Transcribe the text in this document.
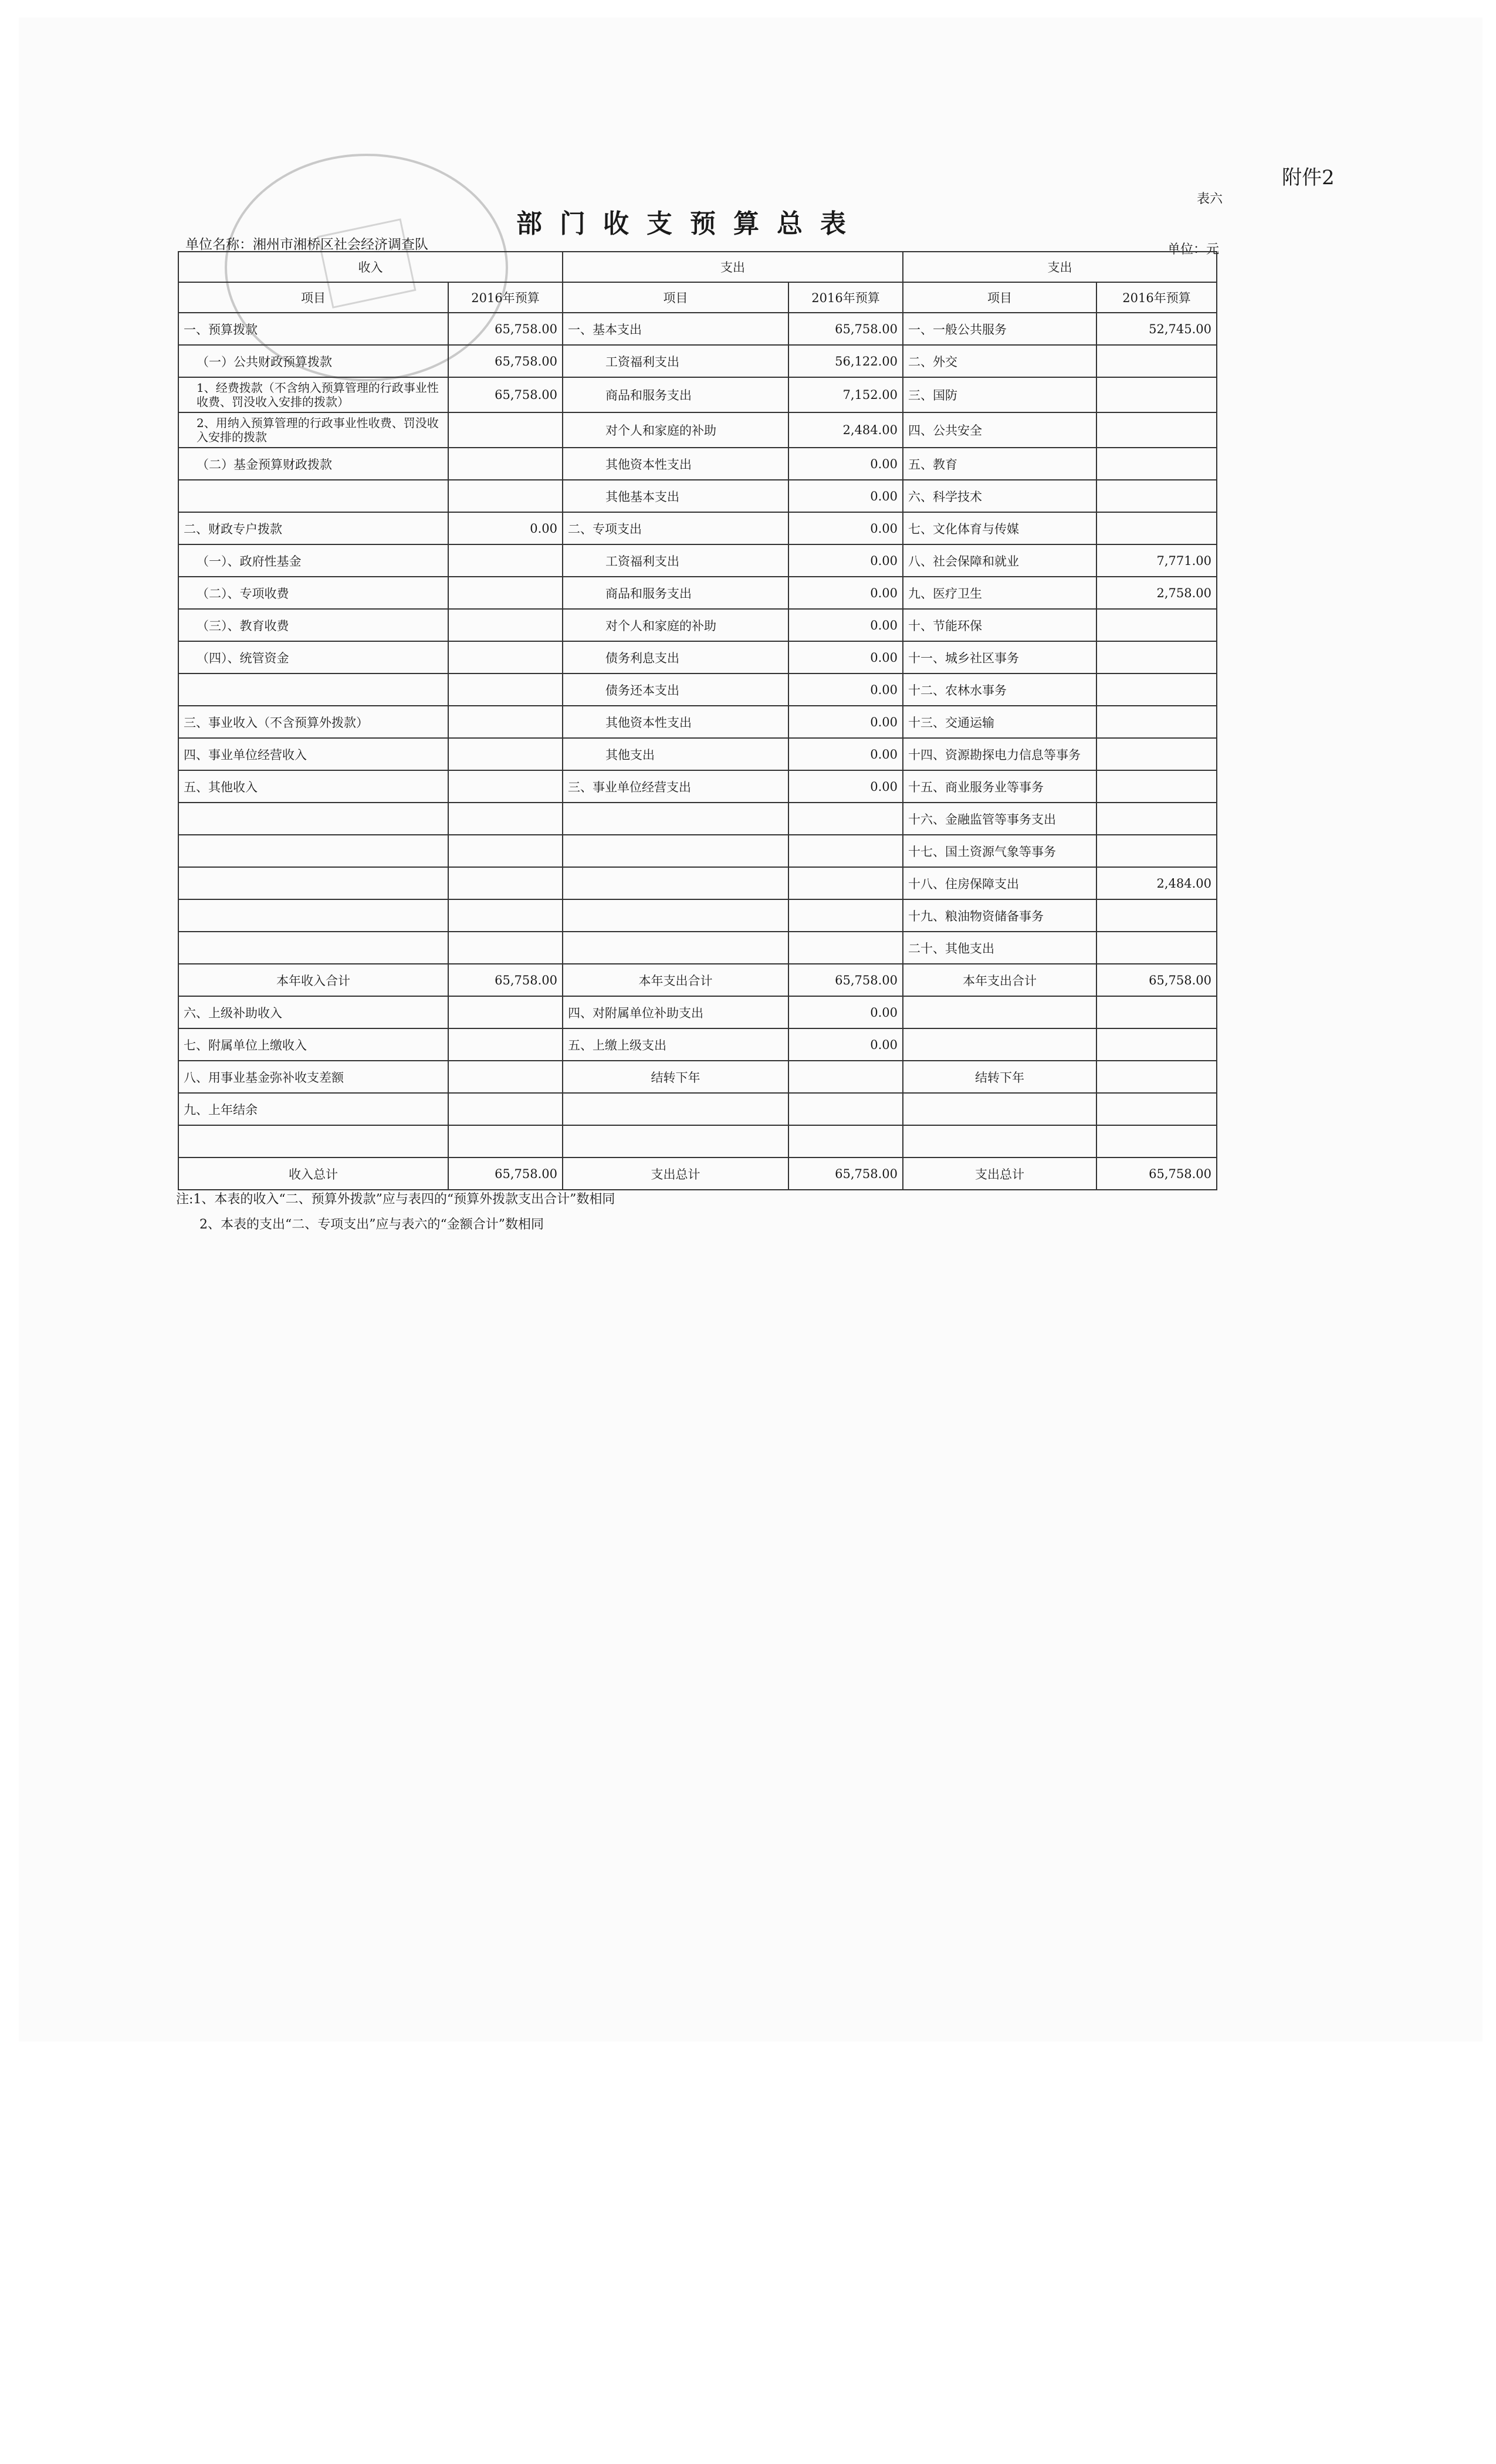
附件2
表六
部门收支预算总表
单位名称：湘州市湘桥区社会经济调查队	单位：元
收入		支出		支出	
项目	2016年预算	项目	2016年预算	项目	2016年预算
一、预算拨款	65,758.00	一、基本支出	65,758.00	一、一般公共服务	52,745.00
（一）公共财政预算拨款	65,758.00	工资福利支出	56,122.00	二、外交	
1、经费拨款（不含纳入预算管理的行政事业性收费、罚没收入安排的拨款）	65,758.00	商品和服务支出	7,152.00	三、国防	
2、用纳入预算管理的行政事业性收费、罚没收入安排的拨款		对个人和家庭的补助	2,484.00	四、公共安全	
（二）基金预算财政拨款		其他资本性支出	0.00	五、教育	
		其他基本支出	0.00	六、科学技术	
二、财政专户拨款	0.00	二、专项支出	0.00	七、文化体育与传媒	
（一）、政府性基金		工资福利支出	0.00	八、社会保障和就业	7,771.00
（二）、专项收费		商品和服务支出	0.00	九、医疗卫生	2,758.00
（三）、教育收费		对个人和家庭的补助	0.00	十、节能环保	
（四）、统管资金		债务利息支出	0.00	十一、城乡社区事务	
		债务还本支出	0.00	十二、农林水事务	
三、事业收入（不含预算外拨款）		其他资本性支出	0.00	十三、交通运输	
四、事业单位经营收入		其他支出	0.00	十四、资源勘探电力信息等事务	
五、其他收入		三、事业单位经营支出	0.00	十五、商业服务业等事务	
				十六、金融监管等事务支出	
				十七、国土资源气象等事务	
				十八、住房保障支出	2,484.00
				十九、粮油物资储备事务	
				二十、其他支出	
本年收入合计	65,758.00	本年支出合计	65,758.00	本年支出合计	65,758.00
六、上级补助收入		四、对附属单位补助支出	0.00		
七、附属单位上缴收入		五、上缴上级支出	0.00		
八、用事业基金弥补收支差额		结转下年		结转下年	
九、上年结余					

收入总计	65,758.00	支出总计	65,758.00	支出总计	65,758.00
注:1、本表的收入“二、预算外拨款”应与表四的“预算外拨款支出合计”数相同
2、本表的支出“二、专项支出”应与表六的“金额合计”数相同
